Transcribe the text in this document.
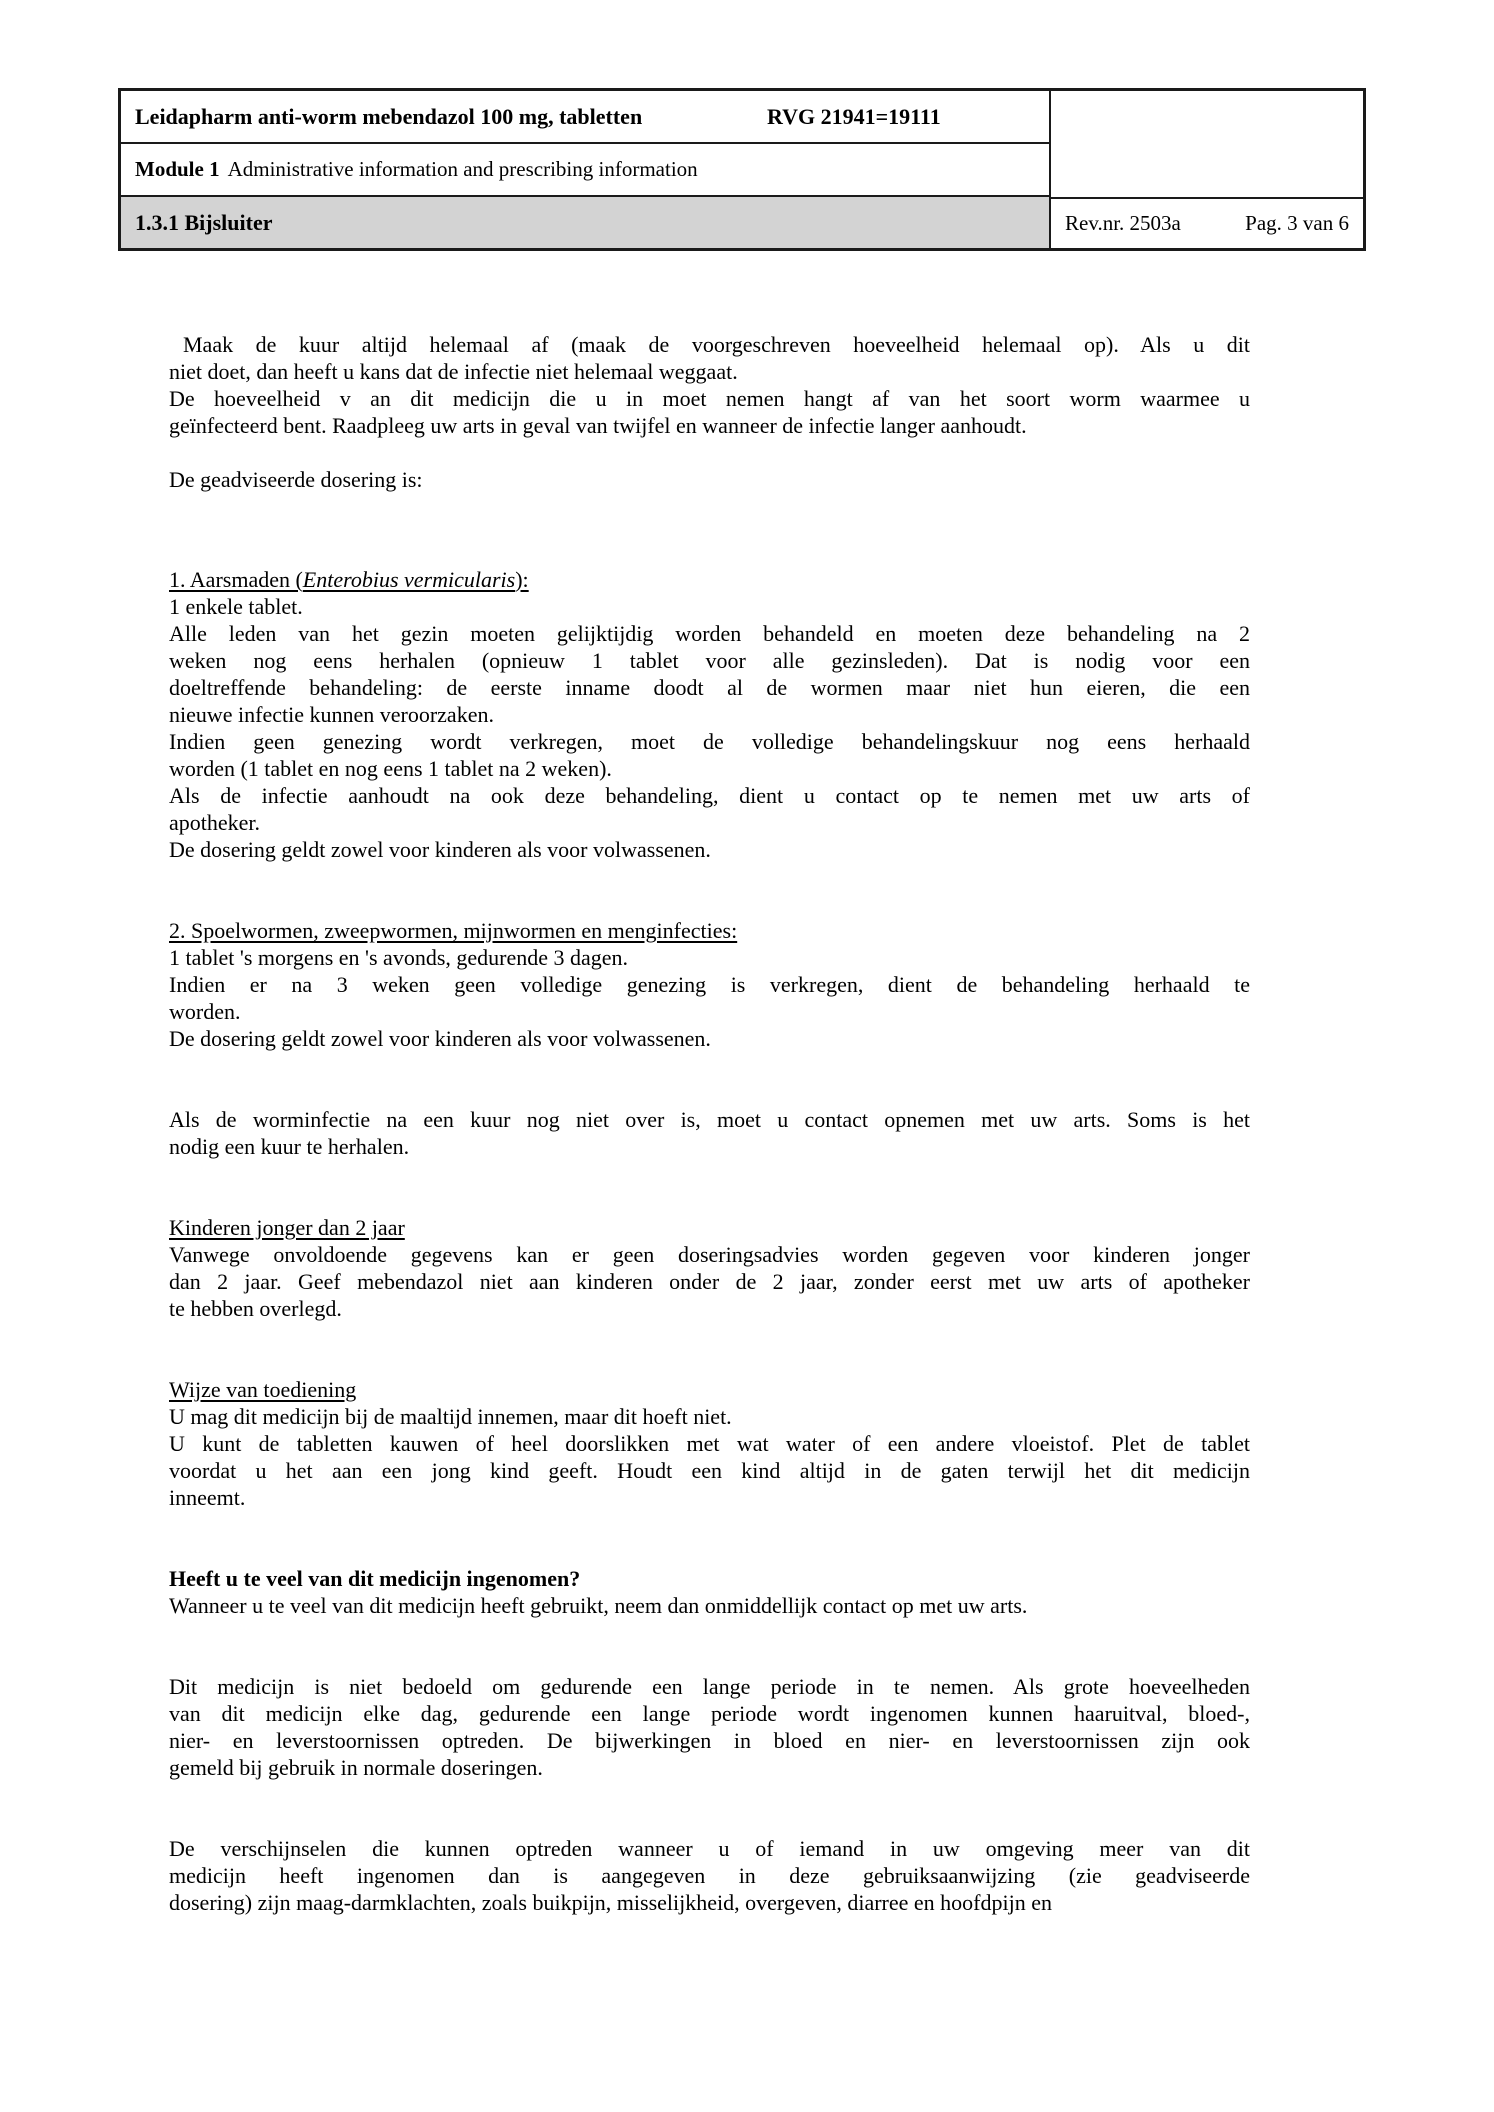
Leidapharm anti-worm mebendazol 100 mg, tabletten	RVG 21941=19111
Module 1 Administrative information and prescribing information
1.3.1 Bijsluiter	Rev.nr. 2503a	Pag. 3 van 6
Maak de kuur altijd helemaal af (maak de voorgeschreven hoeveelheid helemaal op). Als u dit
niet doet, dan heeft u kans dat de infectie niet helemaal weggaat.
De hoeveelheid v an dit medicijn die u in moet nemen hangt af van het soort worm waarmee u
geïnfecteerd bent. Raadpleeg uw arts in geval van twijfel en wanneer de infectie langer aanhoudt.
De geadviseerde dosering is:
1. Aarsmaden (Enterobius vermicularis):
1 enkele tablet.
Alle leden van het gezin moeten gelijktijdig worden behandeld en moeten deze behandeling na 2
weken nog eens herhalen (opnieuw 1 tablet voor alle gezinsleden). Dat is nodig voor een
doeltreffende behandeling: de eerste inname doodt al de wormen maar niet hun eieren, die een
nieuwe infectie kunnen veroorzaken.
Indien geen genezing wordt verkregen, moet de volledige behandelingskuur nog eens herhaald
worden (1 tablet en nog eens 1 tablet na 2 weken).
Als de infectie aanhoudt na ook deze behandeling, dient u contact op te nemen met uw arts of
apotheker.
De dosering geldt zowel voor kinderen als voor volwassenen.
2. Spoelwormen, zweepwormen, mijnwormen en menginfecties:
1 tablet 's morgens en 's avonds, gedurende 3 dagen.
Indien er na 3 weken geen volledige genezing is verkregen, dient de behandeling herhaald te
worden.
De dosering geldt zowel voor kinderen als voor volwassenen.
Als de worminfectie na een kuur nog niet over is, moet u contact opnemen met uw arts. Soms is het
nodig een kuur te herhalen.
Kinderen jonger dan 2 jaar
Vanwege onvoldoende gegevens kan er geen doseringsadvies worden gegeven voor kinderen jonger
dan 2 jaar. Geef mebendazol niet aan kinderen onder de 2 jaar, zonder eerst met uw arts of apotheker
te hebben overlegd.
Wijze van toediening
U mag dit medicijn bij de maaltijd innemen, maar dit hoeft niet.
U kunt de tabletten kauwen of heel doorslikken met wat water of een andere vloeistof. Plet de tablet
voordat u het aan een jong kind geeft. Houdt een kind altijd in de gaten terwijl het dit medicijn
inneemt.
Heeft u te veel van dit medicijn ingenomen?
Wanneer u te veel van dit medicijn heeft gebruikt, neem dan onmiddellijk contact op met uw arts.
Dit medicijn is niet bedoeld om gedurende een lange periode in te nemen. Als grote hoeveelheden
van dit medicijn elke dag, gedurende een lange periode wordt ingenomen kunnen haaruitval, bloed-,
nier- en leverstoornissen optreden. De bijwerkingen in bloed en nier- en leverstoornissen zijn ook
gemeld bij gebruik in normale doseringen.
De verschijnselen die kunnen optreden wanneer u of iemand in uw omgeving meer van dit
medicijn heeft ingenomen dan is aangegeven in deze gebruiksaanwijzing (zie geadviseerde
dosering) zijn maag-darmklachten, zoals buikpijn, misselijkheid, overgeven, diarree en hoofdpijn en
